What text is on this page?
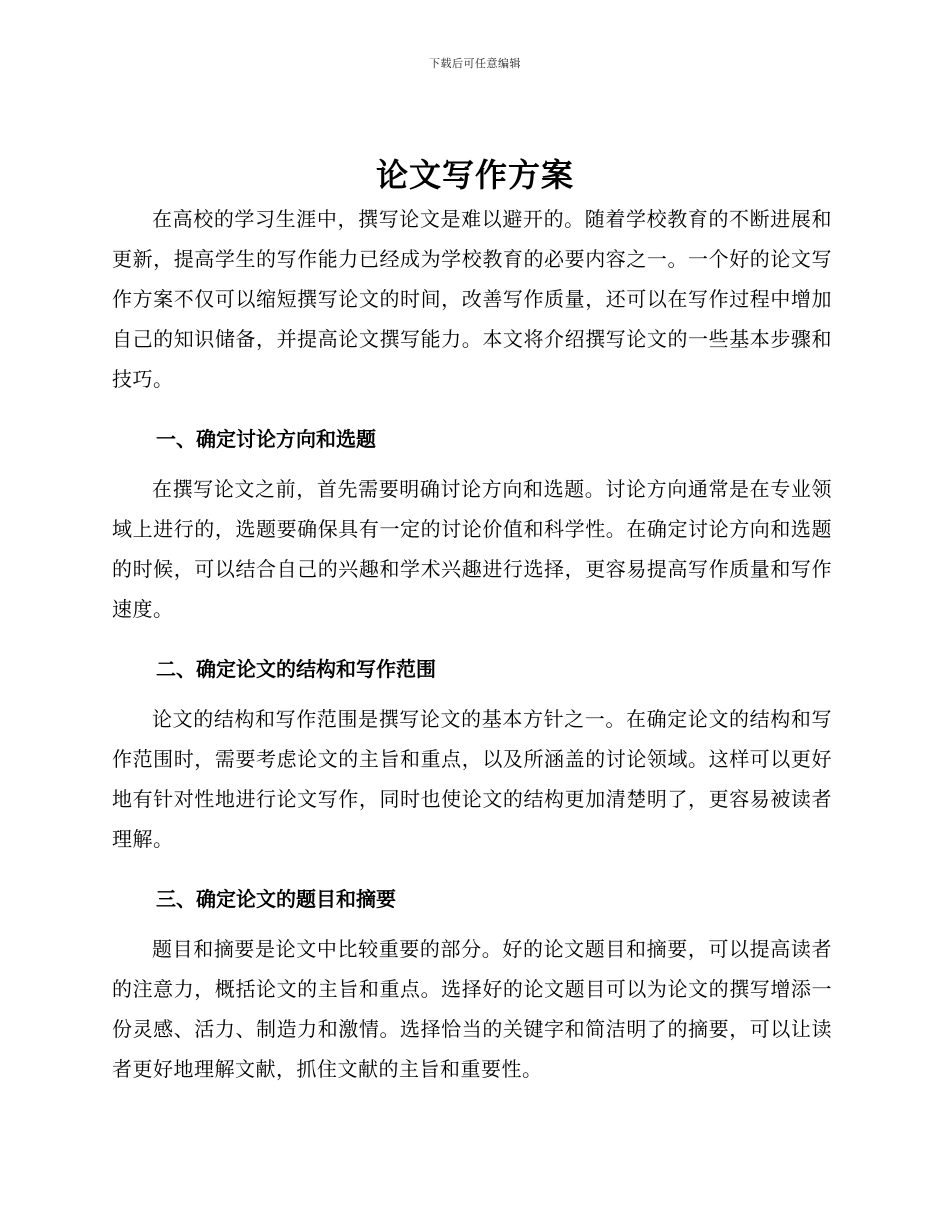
下载后可任意编辑
论文写作方案

在高校的学习生涯中，撰写论文是难以避开的。随着学校教育的不断进展和更新，提高学生的写作能力已经成为学校教育的必要内容之一。一个好的论文写作方案不仅可以缩短撰写论文的时间，改善写作质量，还可以在写作过程中增加自己的知识储备，并提高论文撰写能力。本文将介绍撰写论文的一些基本步骤和技巧。

一、确定讨论方向和选题

在撰写论文之前，首先需要明确讨论方向和选题。讨论方向通常是在专业领域上进行的，选题要确保具有一定的讨论价值和科学性。在确定讨论方向和选题的时候，可以结合自己的兴趣和学术兴趣进行选择，更容易提高写作质量和写作速度。

二、确定论文的结构和写作范围

论文的结构和写作范围是撰写论文的基本方针之一。在确定论文的结构和写作范围时，需要考虑论文的主旨和重点，以及所涵盖的讨论领域。这样可以更好地有针对性地进行论文写作，同时也使论文的结构更加清楚明了，更容易被读者理解。

三、确定论文的题目和摘要

题目和摘要是论文中比较重要的部分。好的论文题目和摘要，可以提高读者的注意力，概括论文的主旨和重点。选择好的论文题目可以为论文的撰写增添一份灵感、活力、制造力和激情。选择恰当的关键字和简洁明了的摘要，可以让读者更好地理解文献，抓住文献的主旨和重要性。
